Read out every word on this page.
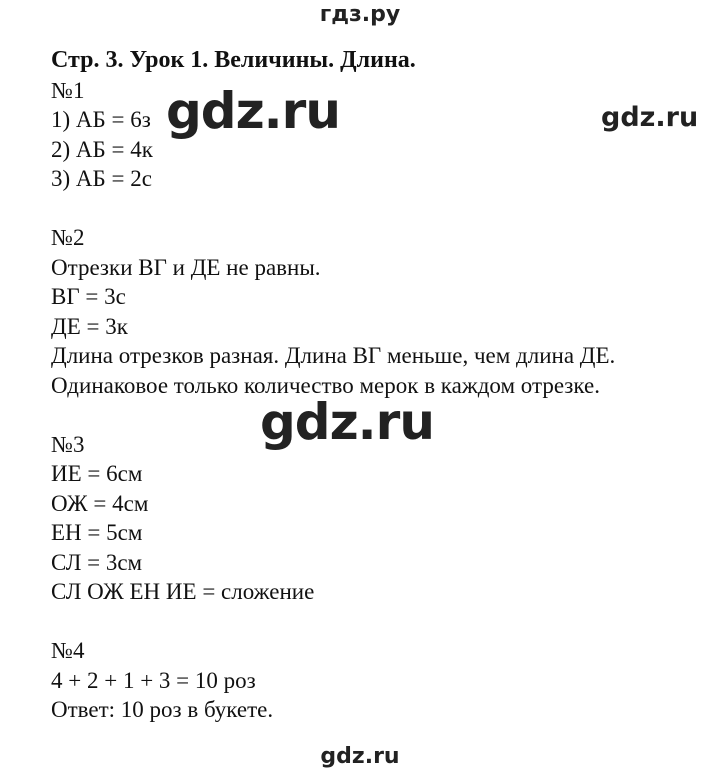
гдз.ру
Стр. 3. Урок 1. Величины. Длина.
№1
1) АБ = 6з
2) АБ = 4к
3) АБ = 2с
№2
Отрезки ВГ и ДЕ не равны.
ВГ = 3с
ДЕ = 3к
Длина отрезков разная. Длина ВГ меньше, чем длина ДЕ.
Одинаковое только количество мерок в каждом отрезке.
№3
ИЕ = 6см
ОЖ = 4см
ЕН = 5см
СЛ = 3см
СЛ ОЖ ЕН ИЕ = сложение
№4
4 + 2 + 1 + 3 = 10 роз
Ответ: 10 роз в букете.
gdz.ru	gdz.ru
gdz.ru
gdz.ru
